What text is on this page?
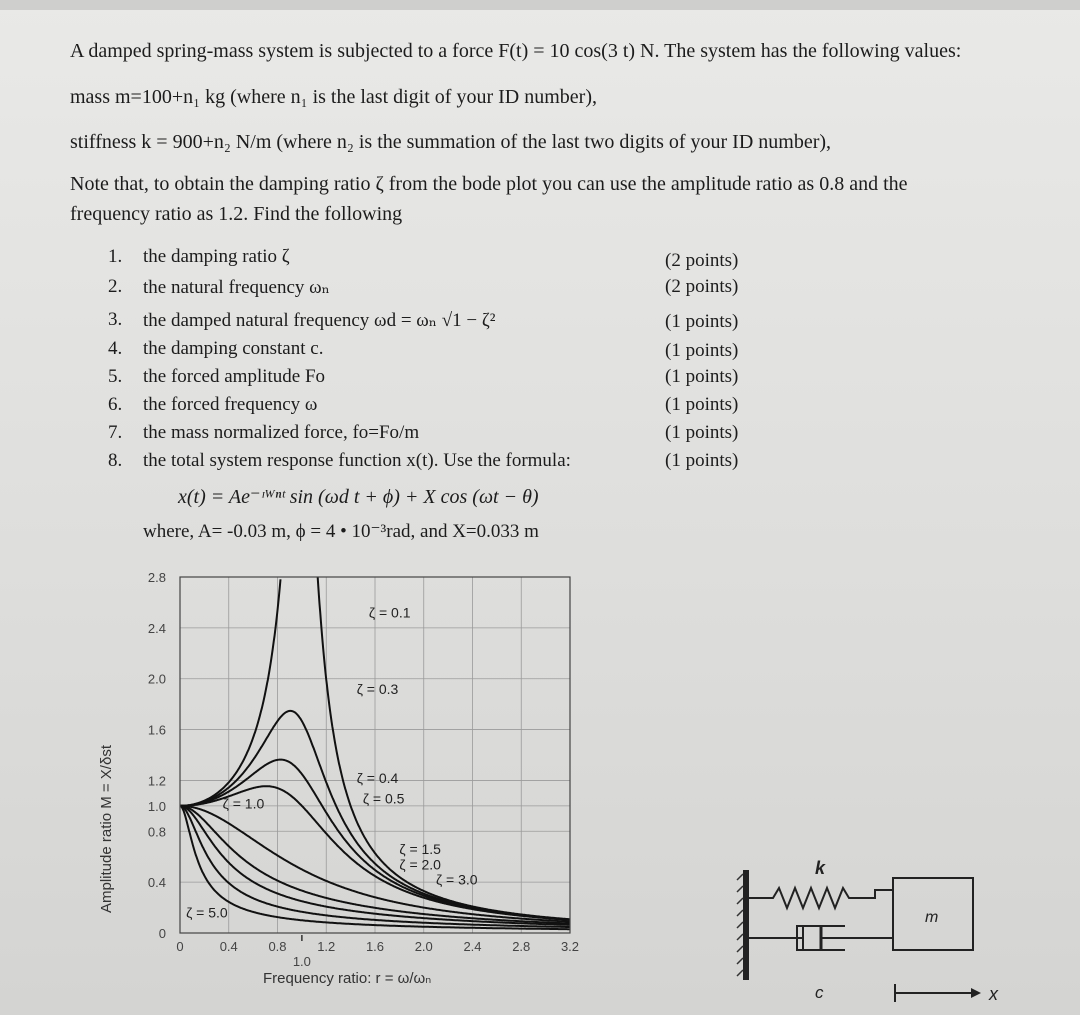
A damped spring-mass system is subjected to a force F(t) = 10 cos(3 t) N. The system has the following values:
mass m=100+n₁ kg (where n₁ is the last digit of your ID number),
stiffness k = 900+n₂ N/m (where n₂ is the summation of the last two digits of your ID number),
Note that, to obtain the damping ratio ζ from the bode plot you can use the amplitude ratio as 0.8 and the
frequency ratio as 1.2. Find the following
1. the damping ratio ζ	(2 points)
2. the natural frequency ωₙ	(2 points)
3. the damped natural frequency ωd = ωₙ √1 − ζ²	(1 points)
4. the damping constant c.	(1 points)
5. the forced amplitude Fo	(1 points)
6. the forced frequency ω	(1 points)
7. the mass normalized force, fo=Fo/m	(1 points)
8. the total system response function x(t). Use the formula:	(1 points)
x(t) = Ae⁻ᶦᵂⁿᵗ sin (ωd t + ϕ) + X cos (ωt − θ)
where, A= -0.03 m, ϕ = 4 • 10⁻³rad, and X=0.033 m
0	0.4 0.8 1.2 1.6 2.0 2.4 2.8 3.2
1.0
0
0.4
0.8
1.0
1.2
1.6
2.0
2.4
2.8
ζ = 0.1
ζ = 0.3
ζ = 0.4
ζ = 0.5
ζ = 1.0
ζ = 1.5
ζ = 2.0
ζ = 3.0
ζ = 5.0
Amplitude ratio M = X/δst
Frequency ratio: r = ω/ωₙ
k
m
c	x
